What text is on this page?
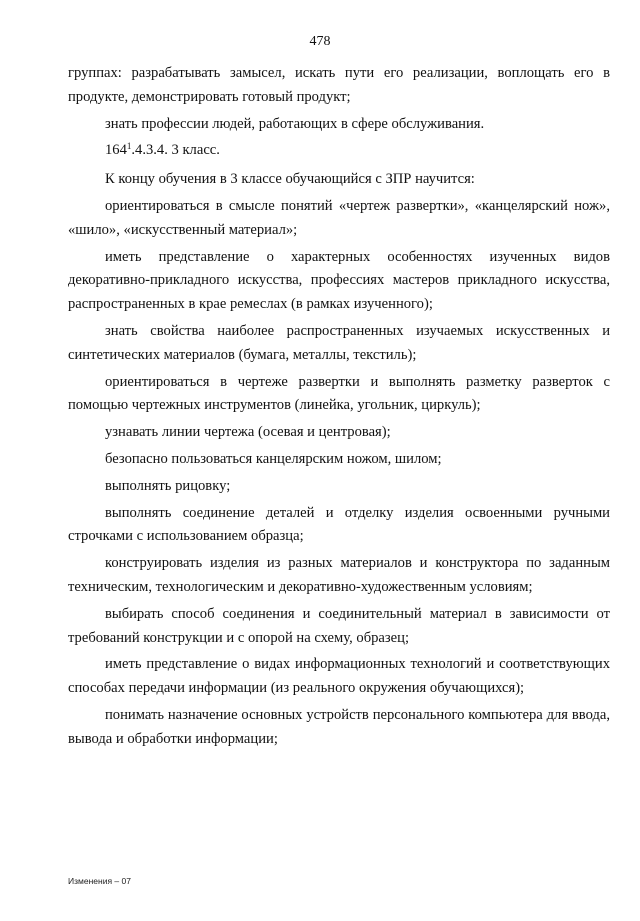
478

группах: разрабатывать замысел, искать пути его реализации, воплощать его в продукте, демонстрировать готовый продукт;

знать профессии людей, работающих в сфере обслуживания.

$164^1.4.3.4$. 3 класс.

К концу обучения в 3 классе обучающийся с ЗПР научится:

ориентироваться в смысле понятий «чертеж развертки», «канцелярский нож», «шило», «искусственный материал»;

иметь представление о характерных особенностях изученных видов декоративно-прикладного искусства, профессиях мастеров прикладного искусства, распространенных в крае ремеслах (в рамках изученного);

знать свойства наиболее распространенных изучаемых искусственных и синтетических материалов (бумага, металлы, текстиль);

ориентироваться в чертеже развертки и выполнять разметку разверток с помощью чертежных инструментов (линейка, угольник, циркуль);

узнавать линии чертежа (осевая и центровая);

безопасно пользоваться канцелярским ножом, шилом;

выполнять рицовку;

выполнять соединение деталей и отделку изделия освоенными ручными строчками с использованием образца;

конструировать изделия из разных материалов и конструктора по заданным техническим, технологическим и декоративно-художественным условиям;

выбирать способ соединения и соединительный материал в зависимости от требований конструкции и с опорой на схему, образец;

иметь представление о видах информационных технологий и соответствующих способах передачи информации (из реального окружения обучающихся);

понимать назначение основных устройств персонального компьютера для ввода, вывода и обработки информации;

Изменения – 07
